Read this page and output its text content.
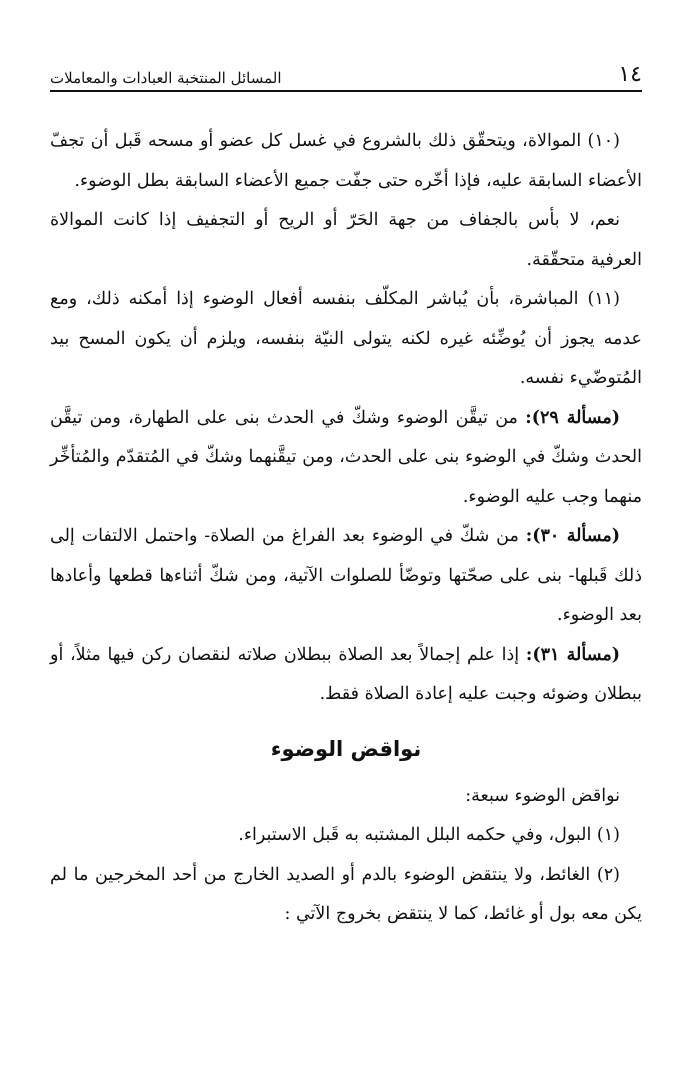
١٤
المسائل المنتخبة العبادات والمعاملات

(١٠) الموالاة، ويتحقّق ذلك بالشروع في غسل كل عضو أو مسحه قَبل أن تجفّ الأعضاء السابقة عليه، فإذا أخّره حتى جفّت جميع الأعضاء السابقة بطل الوضوء.

نعم، لا بأس بالجفاف من جهة الحَرّ أو الريح أو التجفيف إذا كانت الموالاة العرفية متحقّقة.

(١١) المباشرة، بأن يُباشر المكلّف بنفسه أفعال الوضوء إذا أمكنه ذلك، ومع عدمه يجوز أن يُوضِّئه غيره لكنه يتولى النيّة بنفسه، ويلزم أن يكون المسح بيد المُتوضّيء نفسه.

(مسألة ٢٩): من تيقَّن الوضوء وشكّ في الحدث بنى على الطهارة، ومن تيقَّن الحدث وشكّ في الوضوء بنى على الحدث، ومن تيقَّنهما وشكّ في المُتقدّم والمُتأخِّر منهما وجب عليه الوضوء.

(مسألة ٣٠): من شكّ في الوضوء بعد الفراغ من الصلاة- واحتمل الالتفات إلى ذلك قَبلها- بنى على صحّتها وتوضّأ للصلوات الآتية، ومن شكّ أثناءها قطعها وأعادها بعد الوضوء.

(مسألة ٣١): إذا علم إجمالاً بعد الصلاة ببطلان صلاته لنقصان ركن فيها مثلاً، أو ببطلان وضوئه وجبت عليه إعادة الصلاة فقط.

نواقض الوضوء

نواقض الوضوء سبعة:

(١) البول، وفي حكمه البلل المشتبه به قَبل الاستبراء.

(٢) الغائط، ولا ينتقض الوضوء بالدم أو الصديد الخارج من أحد المخرجين ما لم يكن معه بول أو غائط، كما لا ينتقض بخروج الآتي :
